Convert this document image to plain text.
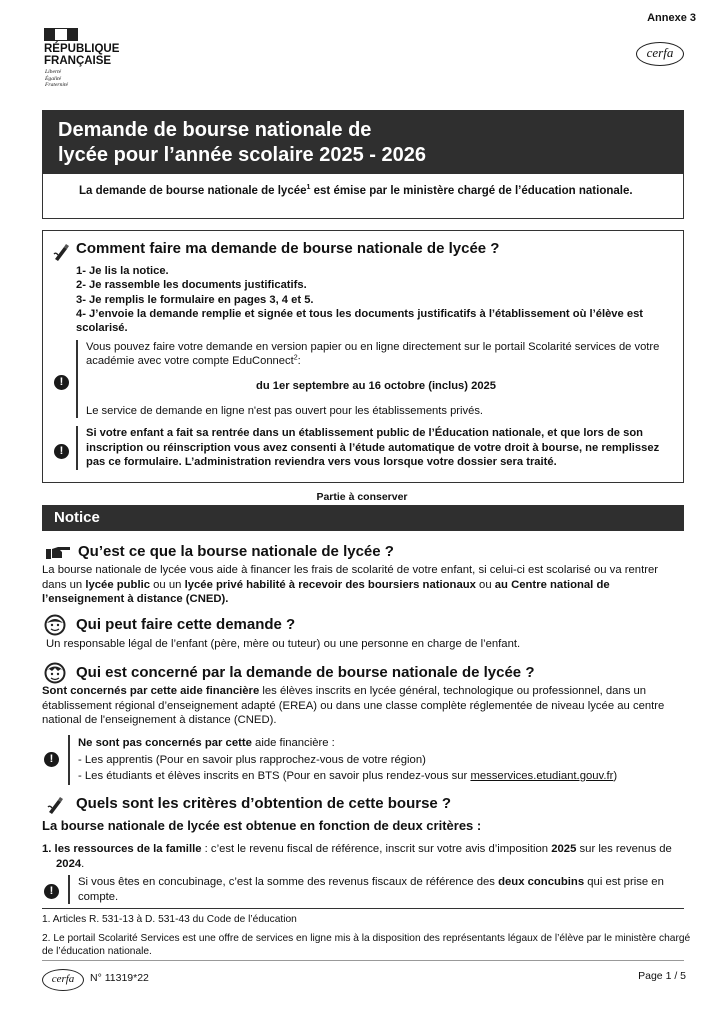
RÉPUBLIQUE
FRANÇAISE
Liberté
Égalité
Fraternité
Annexe 3
cerfa
Demande de bourse nationale de
lycée pour l’année scolaire 2025 - 2026
La demande de bourse nationale de lycée$^1$ est émise par le ministère chargé de l’éducation nationale.
Comment faire ma demande de bourse nationale de lycée ?
1- Je lis la notice.
2- Je rassemble les documents justificatifs.
3- Je remplis le formulaire en pages 3, 4 et 5.
4- J’envoie la demande remplie et signée et tous les documents justificatifs à l’établissement où l’élève est scolarisé.
!
Vous pouvez faire votre demande en version papier ou en ligne directement sur le portail Scolarité services de votre académie avec votre compte EduConnect$^2$:
du 1er septembre au 16 octobre (inclus) 2025
Le service de demande en ligne n'est pas ouvert pour les établissements privés.
!
Si votre enfant a fait sa rentrée dans un établissement public de l’Éducation nationale, et que lors de son inscription ou réinscription vous avez consenti à l’étude automatique de votre droit à bourse, ne remplissez pas ce formulaire. L’administration reviendra vers vous lorsque votre dossier sera traité.
Partie à conserver
Notice
Qu’est ce que la bourse nationale de lycée ?
La bourse nationale de lycée vous aide à financer les frais de scolarité de votre enfant, si celui-ci est scolarisé ou va rentrer dans un lycée public ou un lycée privé habilité à recevoir des boursiers nationaux ou au Centre national de l’enseignement à distance (CNED).
Qui peut faire cette demande ?
Un responsable légal de l’enfant (père, mère ou tuteur) ou une personne en charge de l’enfant.
Qui est concerné par la demande de bourse nationale de lycée ?
Sont concernés par cette aide financière les élèves inscrits en lycée général, technologique ou professionnel, dans un établissement régional d’enseignement adapté (EREA) ou dans une classe complète réglementée de niveau lycée au centre national de l'enseignement à distance (CNED).
!
Ne sont pas concernés par cette aide financière :
- Les apprentis (Pour en savoir plus rapprochez-vous de votre région)
- Les étudiants et élèves inscrits en BTS (Pour en savoir plus rendez-vous sur messervices.etudiant.gouv.fr)
Quels sont les critères d’obtention de cette bourse ?
La bourse nationale de lycée est obtenue en fonction de deux critères :
1. les ressources de la famille : c’est le revenu fiscal de référence, inscrit sur votre avis d’imposition 2025 sur les revenus de 2024.
!
Si vous êtes en concubinage, c’est la somme des revenus fiscaux de référence des deux concubins qui est prise en compte.
1. Articles R. 531-13 à D. 531-43 du Code de l’éducation
2. Le portail Scolarité Services est une offre de services en ligne mis à la disposition des représentants légaux de l’élève par le ministère chargé de l’éducation nationale.
cerfa	N° 11319*22	Page 1 / 5
